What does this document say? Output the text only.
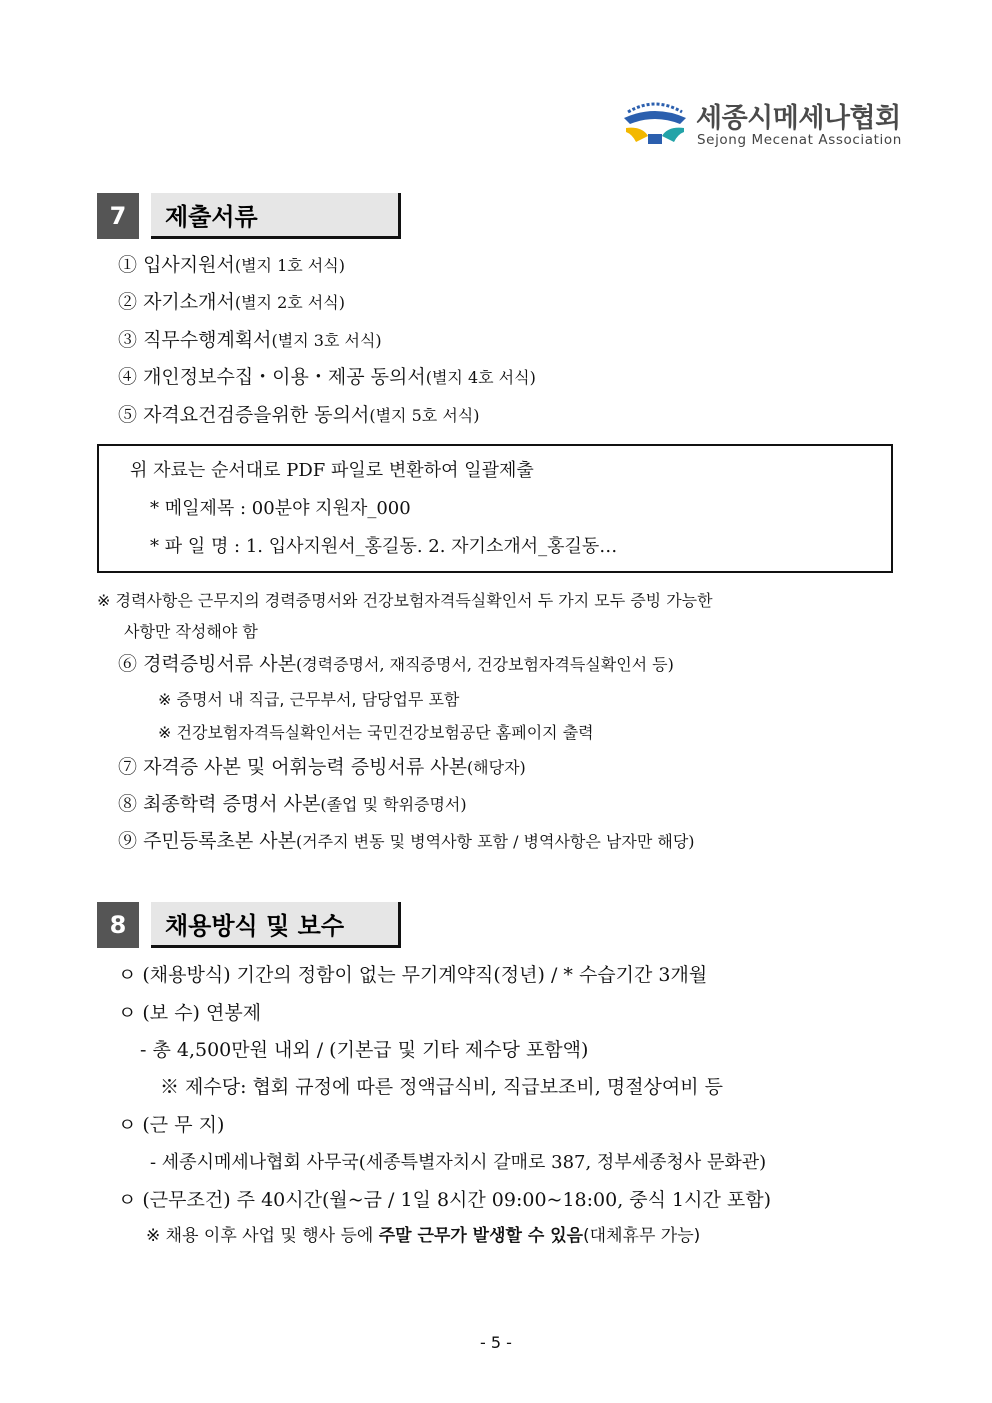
세종시메세나협회
Sejong Mecenat Association
7	제출서류
① 입사지원서(별지 1호 서식)
② 자기소개서(별지 2호 서식)
③ 직무수행계획서(별지 3호 서식)
④ 개인정보수집・이용・제공 동의서(별지 4호 서식)
⑤ 자격요건검증을위한 동의서(별지 5호 서식)
위 자료는 순서대로 PDF 파일로 변환하여 일괄제출
* 메일제목 : 00분야 지원자_000
* 파 일 명 : 1. 입사지원서_홍길동. 2. 자기소개서_홍길동…
※ 경력사항은 근무지의 경력증명서와 건강보험자격득실확인서 두 가지 모두 증빙 가능한
사항만 작성해야 함
⑥ 경력증빙서류 사본(경력증명서, 재직증명서, 건강보험자격득실확인서 등)
※ 증명서 내 직급, 근무부서, 담당업무 포함
※ 건강보험자격득실확인서는 국민건강보험공단 홈페이지 출력
⑦ 자격증 사본 및 어휘능력 증빙서류 사본(해당자)
⑧ 최종학력 증명서 사본(졸업 및 학위증명서)
⑨ 주민등록초본 사본(거주지 변동 및 병역사항 포함 / 병역사항은 남자만 해당)
8	채용방식 및 보수
ㅇ (채용방식) 기간의 정함이 없는 무기계약직(정년) / * 수습기간 3개월
ㅇ (보 수) 연봉제
- 총 4,500만원 내외 / (기본급 및 기타 제수당 포함액)
※ 제수당: 협회 규정에 따른 정액급식비, 직급보조비, 명절상여비 등
ㅇ (근 무 지)
- 세종시메세나협회 사무국(세종특별자치시 갈매로 387, 정부세종청사 문화관)
ㅇ (근무조건) 주 40시간(월~금 / 1일 8시간 09:00~18:00, 중식 1시간 포함)
※ 채용 이후 사업 및 행사 등에 주말 근무가 발생할 수 있음(대체휴무 가능)
- 5 -
